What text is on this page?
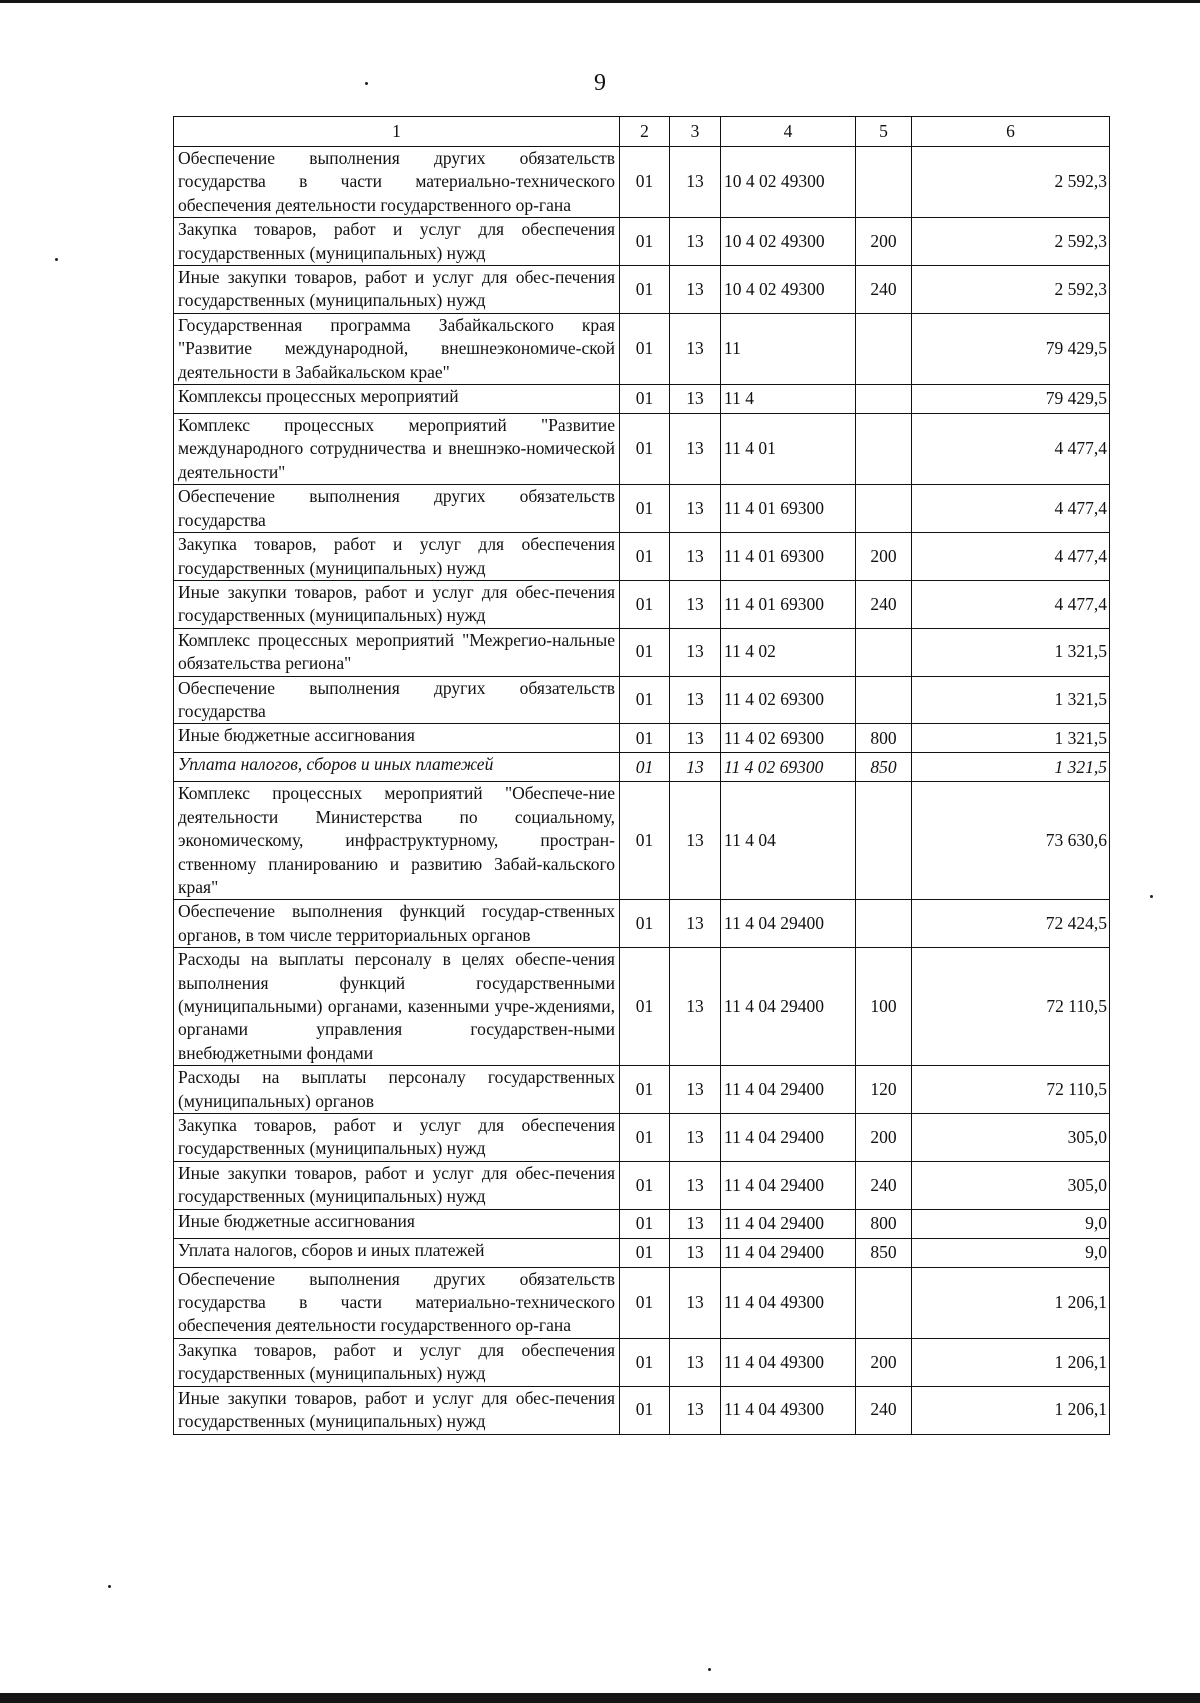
9
1	2	3	4	5	6
Обеспечение выполнения других обязательств государства в части материально-технического обеспечения деятельности государственного ор-гана	01	13	10 4 02 49300		2 592,3
Закупка товаров, работ и услуг для обеспечения государственных (муниципальных) нужд	01	13	10 4 02 49300	200	2 592,3
Иные закупки товаров, работ и услуг для обес-печения государственных (муниципальных) нужд	01	13	10 4 02 49300	240	2 592,3
Государственная программа Забайкальского края "Развитие международной, внешнеэкономиче-ской деятельности в Забайкальском крае"	01	13	11		79 429,5
Комплексы процессных мероприятий	01	13	11 4		79 429,5
Комплекс процессных мероприятий "Развитие международного сотрудничества и внешнэко-номической деятельности"	01	13	11 4 01		4 477,4
Обеспечение выполнения других обязательств государства	01	13	11 4 01 69300		4 477,4
Закупка товаров, работ и услуг для обеспечения государственных (муниципальных) нужд	01	13	11 4 01 69300	200	4 477,4
Иные закупки товаров, работ и услуг для обес-печения государственных (муниципальных) нужд	01	13	11 4 01 69300	240	4 477,4
Комплекс процессных мероприятий "Межрегио-нальные обязательства региона"	01	13	11 4 02		1 321,5
Обеспечение выполнения других обязательств государства	01	13	11 4 02 69300		1 321,5
Иные бюджетные ассигнования	01	13	11 4 02 69300	800	1 321,5
Уплата налогов, сборов и иных платежей	01	13	11 4 02 69300	850	1 321,5
Комплекс процессных мероприятий "Обеспече-ние деятельности Министерства по социальному, экономическому, инфраструктурному, простран-ственному планированию и развитию Забай-кальского края"	01	13	11 4 04		73 630,6
Обеспечение выполнения функций государ-ственных органов, в том числе территориальных органов	01	13	11 4 04 29400		72 424,5
Расходы на выплаты персоналу в целях обеспе-чения выполнения функций государственными (муниципальными) органами, казенными учре-ждениями, органами управления государствен-ными внебюджетными фондами	01	13	11 4 04 29400	100	72 110,5
Расходы на выплаты персоналу государственных (муниципальных) органов	01	13	11 4 04 29400	120	72 110,5
Закупка товаров, работ и услуг для обеспечения государственных (муниципальных) нужд	01	13	11 4 04 29400	200	305,0
Иные закупки товаров, работ и услуг для обес-печения государственных (муниципальных) нужд	01	13	11 4 04 29400	240	305,0
Иные бюджетные ассигнования	01	13	11 4 04 29400	800	9,0
Уплата налогов, сборов и иных платежей	01	13	11 4 04 29400	850	9,0
Обеспечение выполнения других обязательств государства в части материально-технического обеспечения деятельности государственного ор-гана	01	13	11 4 04 49300		1 206,1
Закупка товаров, работ и услуг для обеспечения государственных (муниципальных) нужд	01	13	11 4 04 49300	200	1 206,1
Иные закупки товаров, работ и услуг для обес-печения государственных (муниципальных) нужд	01	13	11 4 04 49300	240	1 206,1
